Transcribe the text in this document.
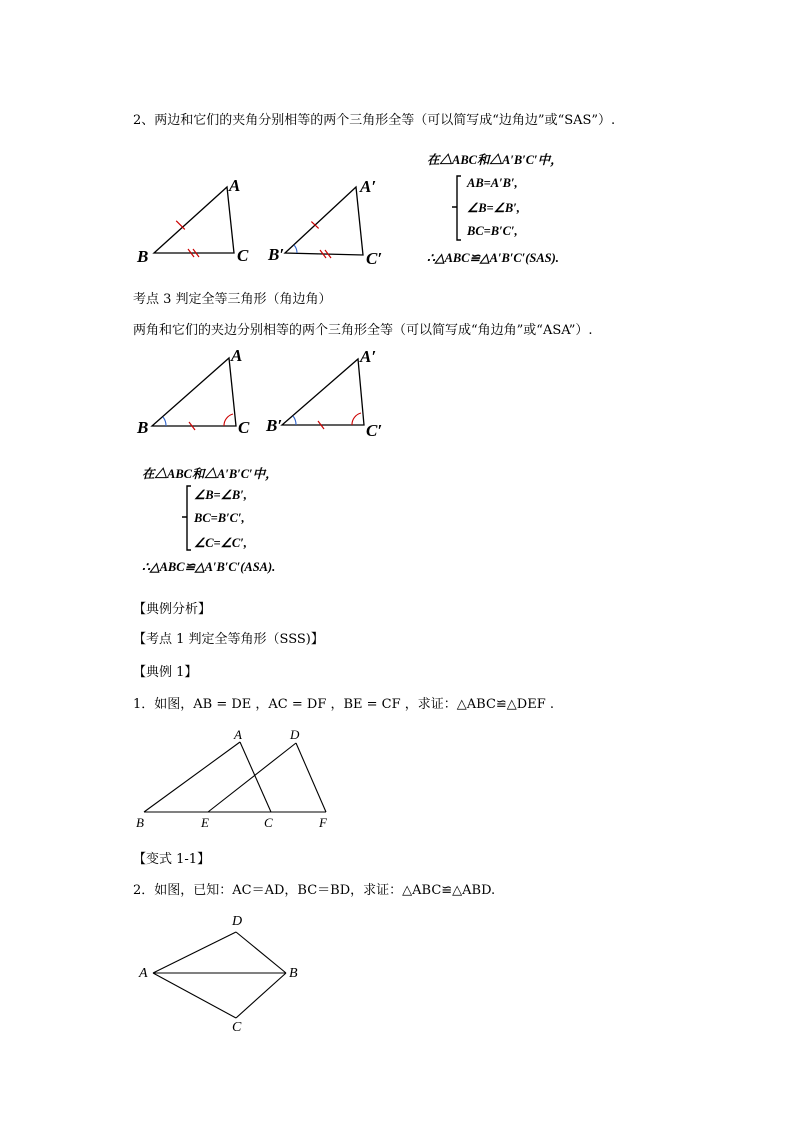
2、两边和它们的夹角分别相等的两个三角形全等（可以简写成“边角边”或“SAS”）.
A
B	C
A′
B′	C′
在△ABC和△A′B′C′中，
AB=A′B′,
∠B=∠B′,
BC=B′C′,
∴△ABC≌△A′B′C′(SAS).
考点 3 判定全等三角形（角边角）
两角和它们的夹边分别相等的两个三角形全等（可以简写成“角边角”或“ASA”）.
A
B	C
A′
B′	C′
在△ABC和△A′B′C′中，
∠B=∠B′,
BC=B′C′,
∠C=∠C′,
∴△ABC≌△A′B′C′(ASA).
【典例分析】
【考点 1 判定全等角形（SSS)】
【典例 1】
1．如图，AB = DE ，AC = DF ，BE = CF ，求证：△ABC≌△DEF .
A	D
B	E	C	F
【变式 1-1】
2．如图，已知：AC＝AD，BC＝BD，求证：△ABC≌△ABD.
D
A	B
C
